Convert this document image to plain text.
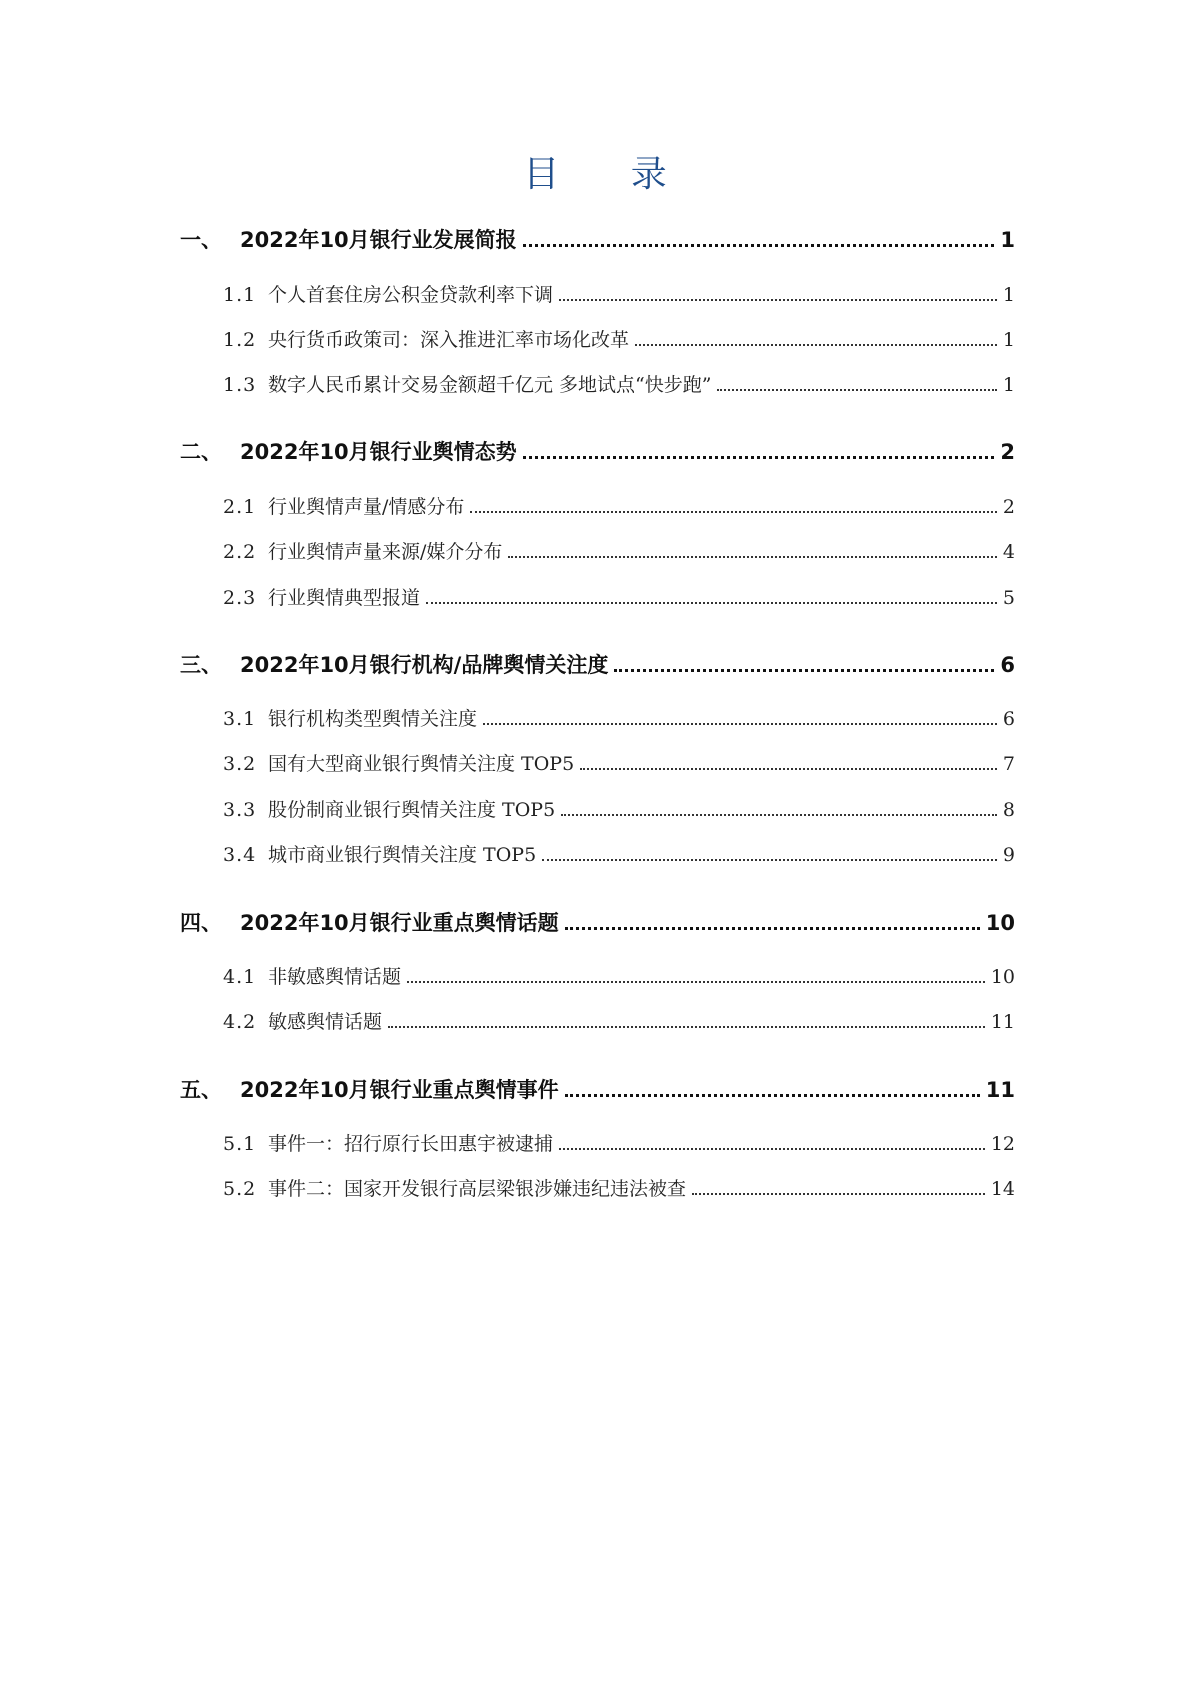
目 录
一、 2022年10月银行业发展简报	1
1.1 个人首套住房公积金贷款利率下调	1
1.2 央行货币政策司：深入推进汇率市场化改革	1
1.3 数字人民币累计交易金额超千亿元 多地试点“快步跑”	1
二、 2022年10月银行业舆情态势	2
2.1 行业舆情声量/情感分布	2
2.2 行业舆情声量来源/媒介分布	4
2.3 行业舆情典型报道	5
三、 2022年10月银行机构/品牌舆情关注度	6
3.1 银行机构类型舆情关注度	6
3.2 国有大型商业银行舆情关注度 TOP5	7
3.3 股份制商业银行舆情关注度 TOP5	8
3.4 城市商业银行舆情关注度 TOP5	9
四、 2022年10月银行业重点舆情话题	10
4.1 非敏感舆情话题	10
4.2 敏感舆情话题	11
五、 2022年10月银行业重点舆情事件	11
5.1 事件一：招行原行长田惠宇被逮捕	12
5.2 事件二：国家开发银行高层梁银涉嫌违纪违法被查	14
